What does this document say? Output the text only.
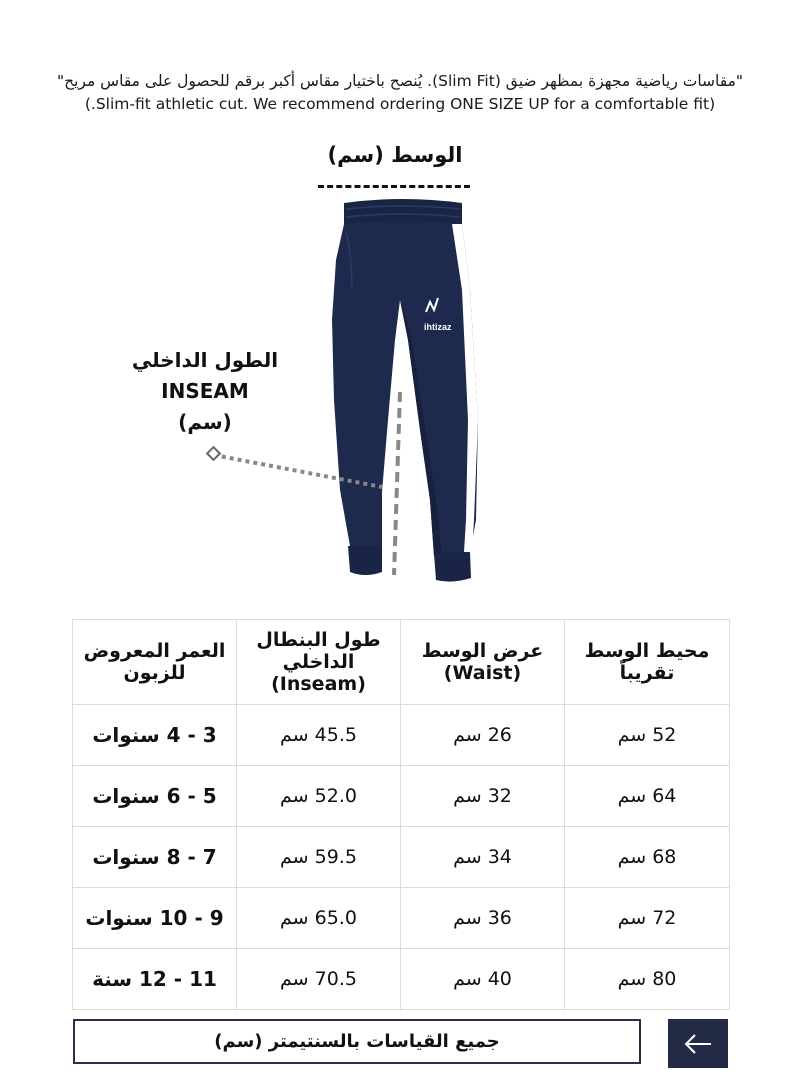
"مقاسات رياضية مجهزة بمظهر ضيق (Slim Fit). يُنصح باختيار مقاس أكبر برقم للحصول على مقاس مريح"
(.Slim-fit athletic cut. We recommend ordering ONE SIZE UP for a comfortable fit)
الوسط (سم)
الطول الداخلي
INSEAM
(سم)
ihtizaz
العمر المعروض للزبون	طول البنطال الداخلي (Inseam)	عرض الوسط (Waist)	محيط الوسط تقريباً
3 - 4 سنوات	45.5 سم	26 سم	52 سم
5 - 6 سنوات	52.0 سم	32 سم	64 سم
7 - 8 سنوات	59.5 سم	34 سم	68 سم
9 - 10 سنوات	65.0 سم	36 سم	72 سم
11 - 12 سنة	70.5 سم	40 سم	80 سم
جميع القياسات بالسنتيمتر (سم)
